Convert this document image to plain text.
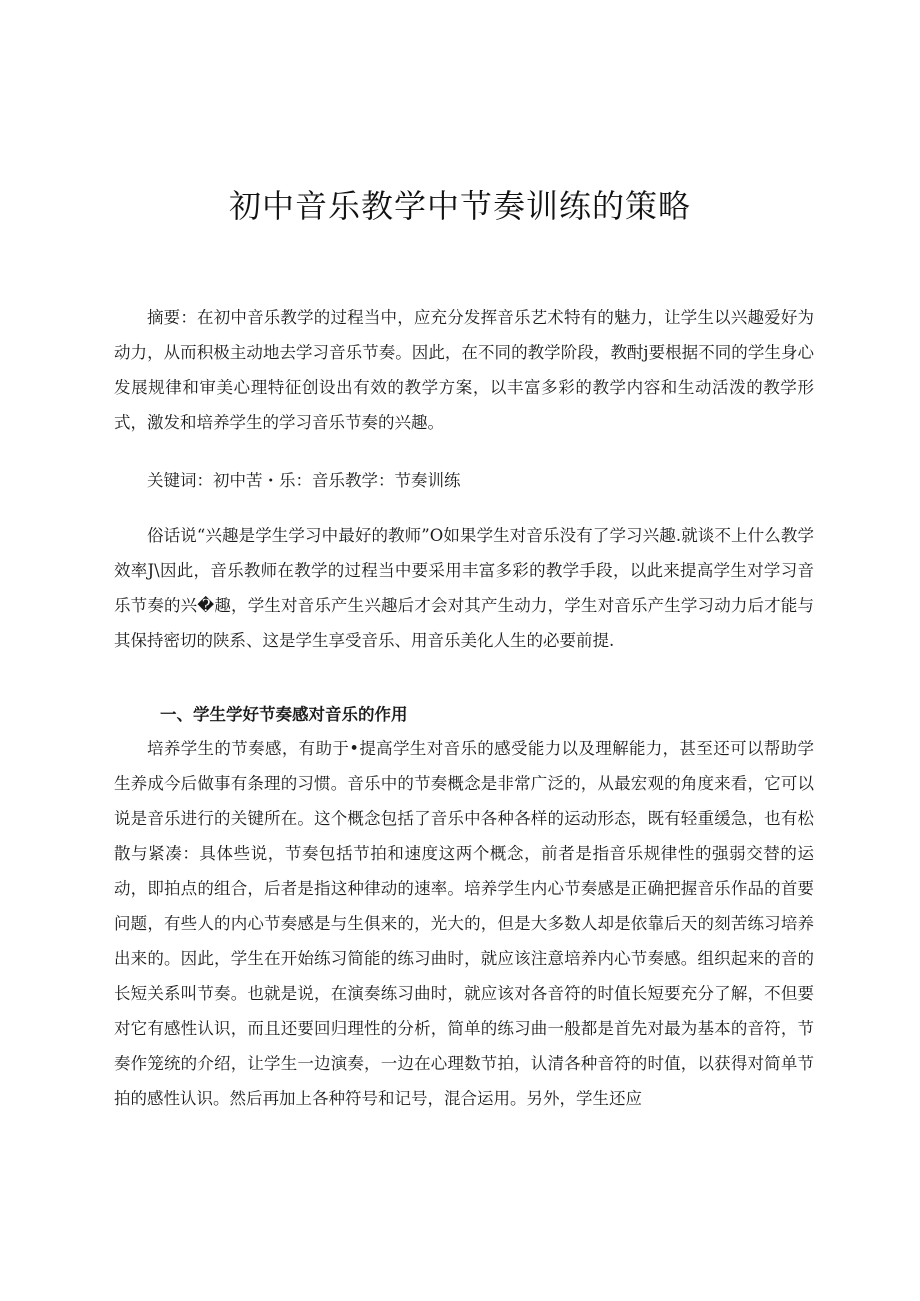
初中音乐教学中节奏训练的策略

摘要：在初中音乐教学的过程当中，应充分发挥音乐艺术特有的魅力，让学生以兴趣爱好为动力，从而积极主动地去学习音乐节奏。因此，在不同的教学阶段，教酎j要根据不同的学生身心发展规律和审美心理特征创设出有效的教学方案，以丰富多彩的教学内容和生动活泼的教学形式，激发和培养学生的学习音乐节奏的兴趣。

关键词：初中苦・乐：音乐教学：节奏训练

俗话说“兴趣是学生学习中最好的教师”O如果学生对音乐没有了学习兴趣.就谈不上什么教学效率J\因此，音乐教师在教学的过程当中要采用丰富多彩的教学手段，以此来提高学生对学习音乐节奏的兴�趣，学生对音乐产生兴趣后才会对其产生动力，学生对音乐产生学习动力后才能与其保持密切的陕系、这是学生享受音乐、用音乐美化人生的必要前提.

一、学生学好节奏感对音乐的作用

培养学生的节奏感，有助于•提高学生对音乐的感受能力以及理解能力，甚至还可以帮助学生养成今后做事有条理的习惯。音乐中的节奏概念是非常广泛的，从最宏观的角度来看，它可以说是音乐进行的关键所在。这个概念包括了音乐中各种各样的运动形态，既有轻重缓急，也有松散与紧凑：具体些说，节奏包括节拍和速度这两个概念，前者是指音乐规律性的强弱交替的运动，即拍点的组合，后者是指这种律动的速率。培养学生内心节奏感是正确把握音乐作品的首要问题，有些人的内心节奏感是与生俱来的，光大的，但是大多数人却是依靠后天的刻苦练习培养出来的。因此，学生在开始练习简能的练习曲时，就应该注意培养内心节奏感。组织起来的音的长短关系叫节奏。也就是说，在演奏练习曲时，就应该对各音符的时值长短要充分了解，不但要对它有感性认识，而且还要回归理性的分析，简单的练习曲一般都是首先对最为基本的音符，节奏作笼统的介绍，让学生一边演奏，一边在心理数节拍，认清各种音符的时值，以获得对简单节拍的感性认识。然后再加上各种符号和记号，混合运用。另外，学生还应
